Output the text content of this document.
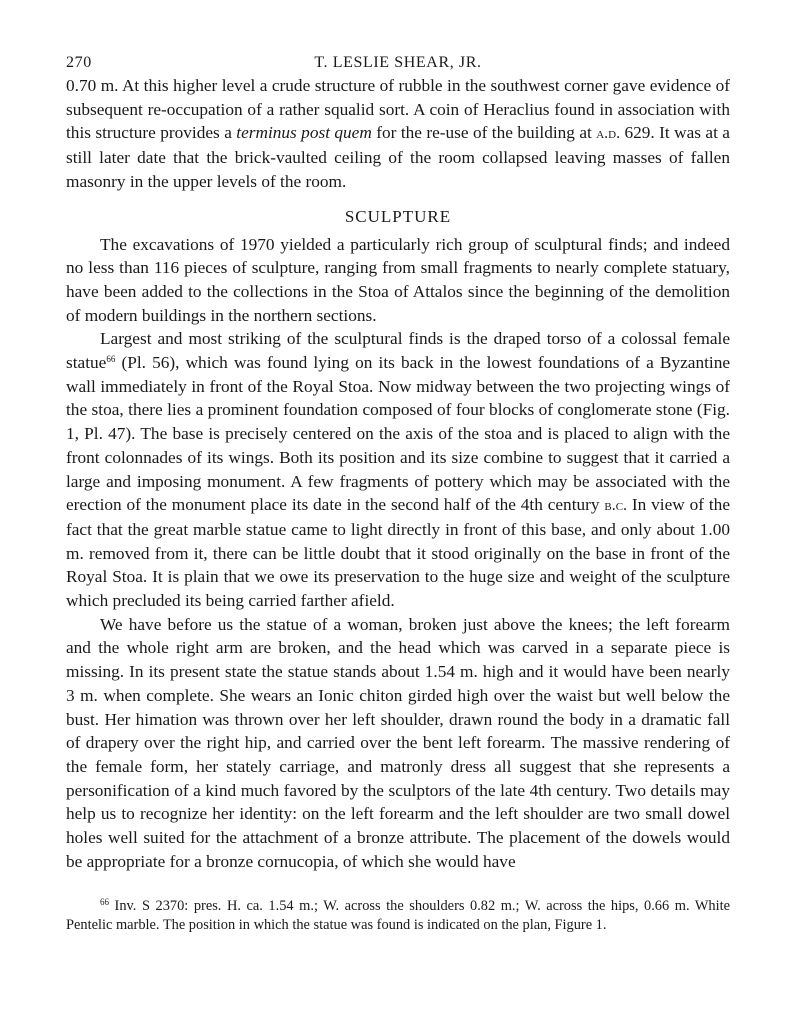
270	T. LESLIE SHEAR, JR.

0.70 m. At this higher level a crude structure of rubble in the southwest corner gave evidence of subsequent re-occupation of a rather squalid sort. A coin of Heraclius found in association with this structure provides a terminus post quem for the re-use of the building at a.d. 629. It was at a still later date that the brick-vaulted ceiling of the room collapsed leaving masses of fallen masonry in the upper levels of the room.

SCULPTURE

The excavations of 1970 yielded a particularly rich group of sculptural finds; and indeed no less than 116 pieces of sculpture, ranging from small fragments to nearly complete statuary, have been added to the collections in the Stoa of Attalos since the beginning of the demolition of modern buildings in the northern sections.

Largest and most striking of the sculptural finds is the draped torso of a colossal female statue$^{66}$ (Pl. 56), which was found lying on its back in the lowest foundations of a Byzantine wall immediately in front of the Royal Stoa. Now midway between the two projecting wings of the stoa, there lies a prominent foundation composed of four blocks of conglomerate stone (Fig. 1, Pl. 47). The base is precisely centered on the axis of the stoa and is placed to align with the front colonnades of its wings. Both its position and its size combine to suggest that it carried a large and imposing monument. A few fragments of pottery which may be associated with the erection of the monument place its date in the second half of the 4th century b.c. In view of the fact that the great marble statue came to light directly in front of this base, and only about 1.00 m. removed from it, there can be little doubt that it stood originally on the base in front of the Royal Stoa. It is plain that we owe its preservation to the huge size and weight of the sculpture which precluded its being carried farther afield.

We have before us the statue of a woman, broken just above the knees; the left forearm and the whole right arm are broken, and the head which was carved in a separate piece is missing. In its present state the statue stands about 1.54 m. high and it would have been nearly 3 m. when complete. She wears an Ionic chiton girded high over the waist but well below the bust. Her himation was thrown over her left shoulder, drawn round the body in a dramatic fall of drapery over the right hip, and carried over the bent left forearm. The massive rendering of the female form, her stately carriage, and matronly dress all suggest that she represents a personification of a kind much favored by the sculptors of the late 4th century. Two details may help us to recognize her identity: on the left forearm and the left shoulder are two small dowel holes well suited for the attachment of a bronze attribute. The placement of the dowels would be appropriate for a bronze cornucopia, of which she would have

$^{66}$ Inv. S 2370: pres. H. ca. 1.54 m.; W. across the shoulders 0.82 m.; W. across the hips, 0.66 m. White Pentelic marble. The position in which the statue was found is indicated on the plan, Figure 1.
